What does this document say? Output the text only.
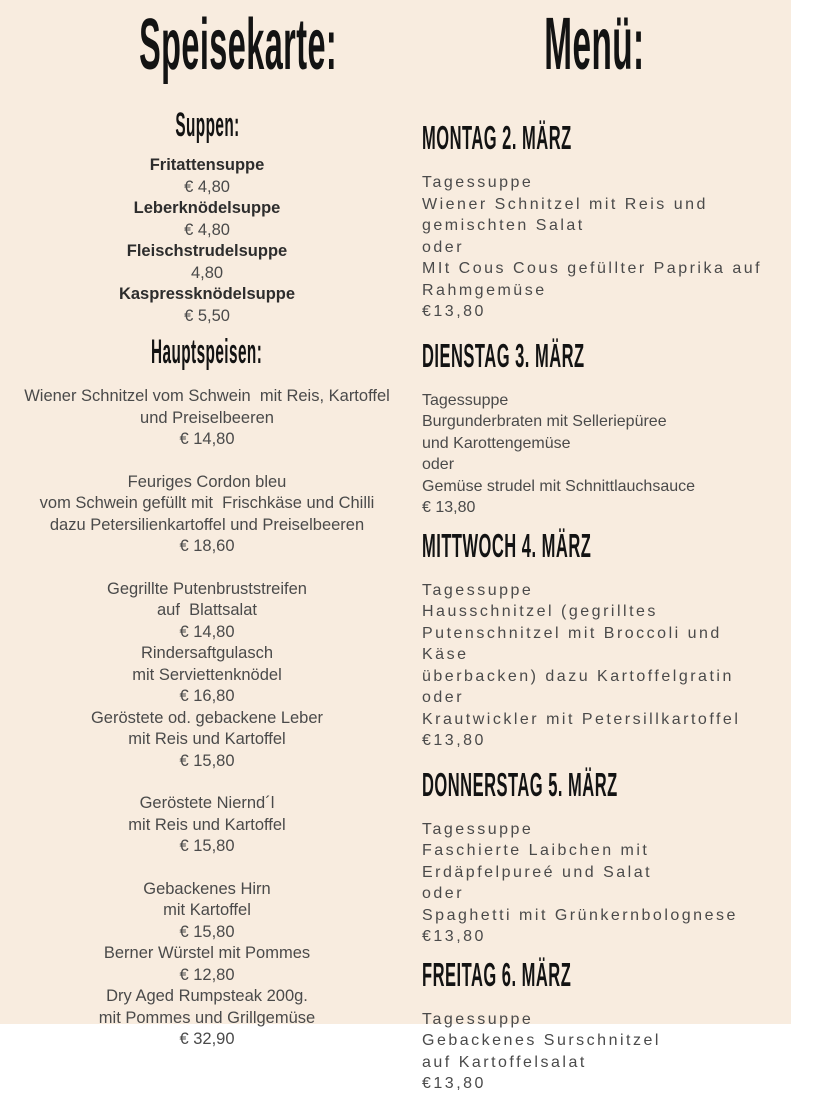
Speisekarte:
Suppen:
Fritattensuppe
€ 4,80
Leberknödelsuppe
€ 4,80
Fleischstrudelsuppe
4,80
Kaspressknödelsuppe
€ 5,50
Hauptspeisen:
Wiener Schnitzel vom Schwein  mit Reis, Kartoffel
und Preiselbeeren
€ 14,80
Feuriges Cordon bleu
vom Schwein gefüllt mit  Frischkäse und Chilli
dazu Petersilienkartoffel und Preiselbeeren
€ 18,60
Gegrillte Putenbruststreifen
auf  Blattsalat
€ 14,80
Rindersaftgulasch
mit Serviettenknödel
€ 16,80
Geröstete od. gebackene Leber
mit Reis und Kartoffel
€ 15,80
Geröstete Niernd´l
mit Reis und Kartoffel
€ 15,80
Gebackenes Hirn
mit Kartoffel
€ 15,80
Berner Würstel mit Pommes
€ 12,80
Dry Aged Rumpsteak 200g.
mit Pommes und Grillgemüse
€ 32,90
Menü:
MONTAG 2. MÄRZ
Tagessuppe
Wiener Schnitzel mit Reis und
gemischten Salat
oder
MIt Cous Cous gefüllter Paprika auf
Rahmgemüse
€13,80
DIENSTAG 3. MÄRZ
Tagessuppe
Burgunderbraten mit Selleriepüree
und Karottengemüse
oder
Gemüse strudel mit Schnittlauchsauce
€ 13,80
MITTWOCH 4. MÄRZ
Tagessuppe
Hausschnitzel (gegrilltes
Putenschnitzel mit Broccoli und Käse
überbacken) dazu Kartoffelgratin
oder
Krautwickler mit Petersillkartoffel
€13,80
DONNERSTAG 5. MÄRZ
Tagessuppe
Faschierte Laibchen mit
Erdäpfelpureé und Salat
oder
Spaghetti mit Grünkernbolognese
€13,80
FREITAG 6. MÄRZ
Tagessuppe
Gebackenes Surschnitzel
auf Kartoffelsalat
€13,80
